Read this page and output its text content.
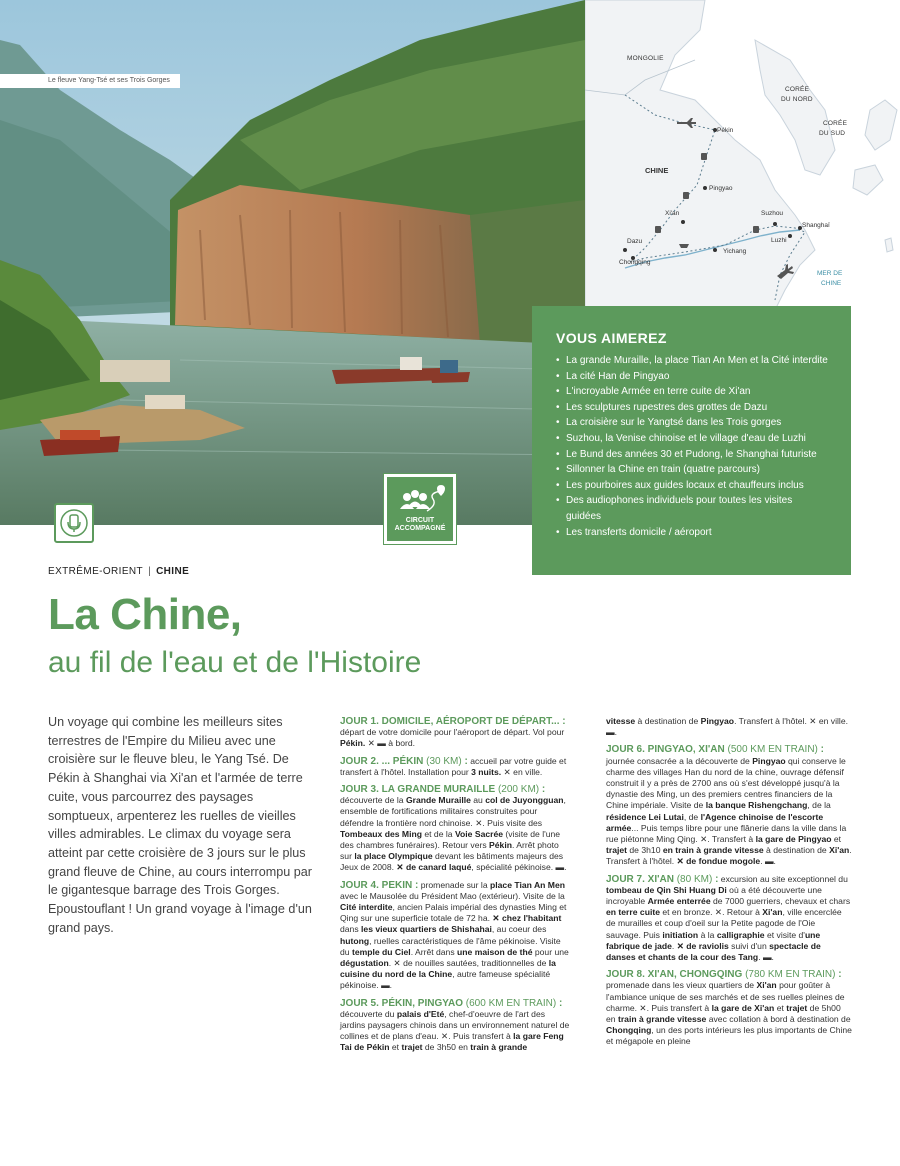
Le fleuve Yang-Tsé et ses Trois Gorges
CIRCUIT
ACCOMPAGNÉ
MONGOLIE
CORÉE
DU NORD
CORÉE
DU SUD
CHINE
Pékin
Pingyao
Xi'an	Suzhou
Shanghaï
Luzhi
Dazu
Chongqing
Yichang
MER DE
CHINE
VOUS AIMEREZ
• La grande Muraille, la place Tian An Men et la Cité interdite
• La cité Han de Pingyao
• L'incroyable Armée en terre cuite de Xi'an
• Les sculptures rupestres des grottes de Dazu
• La croisière sur le Yangtsé dans les Trois gorges
• Suzhou, la Venise chinoise et le village d'eau de Luzhi
• Le Bund des années 30 et Pudong, le Shanghai futuriste
• Sillonner la Chine en train (quatre parcours)
• Les pourboires aux guides locaux et chauffeurs inclus
• Des audiophones individuels pour toutes les visites guidées
• Les transferts domicile / aéroport
EXTRÊME-ORIENT | CHINE
La Chine,
au fil de l'eau et de l'Histoire

Un voyage qui combine les meilleurs sites terrestres de l'Empire du Milieu avec une croisière sur le fleuve bleu, le Yang Tsé. De Pékin à Shanghai via Xi'an et l'armée de terre cuite, vous parcourrez des paysages somptueux, arpenterez les ruelles de vieilles villes admirables. Le climax du voyage sera atteint par cette croisière de 3 jours sur le plus grand fleuve de Chine, au cours interrompu par le gigantesque barrage des Trois Gorges. Epoustouflant ! Un grand voyage à l'image d'un grand pays.

JOUR 1. DOMICILE, AÉROPORT DE DÉPART... : départ de votre domicile pour l'aéroport de départ. Vol pour Pékin. ✕ ▬ à bord.

JOUR 2. ... PÉKIN (30 KM) : accueil par votre guide et transfert à l'hôtel. Installation pour 3 nuits. ✕ en ville.

JOUR 3. LA GRANDE MURAILLE (200 KM) : découverte de la Grande Muraille au col de Juyongguan, ensemble de fortifications militaires construites pour défendre la frontière nord chinoise. ✕. Puis visite des Tombeaux des Ming et de la Voie Sacrée (visite de l'une des chambres funéraires). Retour vers Pékin. Arrêt photo sur la place Olympique devant les bâtiments majeurs des Jeux de 2008. ✕ de canard laqué, spécialité pékinoise. ▬.

JOUR 4. PEKIN : promenade sur la place Tian An Men avec le Mausolée du Président Mao (extérieur). Visite de la Cité interdite, ancien Palais impérial des dynasties Ming et Qing sur une superficie totale de 72 ha. ✕ chez l'habitant dans les vieux quartiers de Shishahai, au coeur des hutong, ruelles caractéristiques de l'âme pékinoise. Visite du temple du Ciel. Arrêt dans une maison de thé pour une dégustation. ✕ de nouilles sautées, traditionnelles de la cuisine du nord de la Chine, autre fameuse spécialité pékinoise. ▬.

JOUR 5. PÉKIN, PINGYAO (600 KM EN TRAIN) : découverte du palais d'Eté, chef-d'oeuvre de l'art des jardins paysagers chinois dans un environnement naturel de collines et de plans d'eau. ✕. Puis transfert à la gare Feng Tai de Pékin et trajet de 3h50 en train à grande

vitesse à destination de Pingyao. Transfert à l'hôtel. ✕ en ville. ▬.

JOUR 6. PINGYAO, XI'AN (500 KM EN TRAIN) : journée consacrée a la découverte de Pingyao qui conserve le charme des villages Han du nord de la chine, ouvrage défensif construit il y a près de 2700 ans où s'est développé jusqu'à la dynastie des Ming, un des premiers centres financiers de la Chine impériale. Visite de la banque Rishengchang, de la résidence Lei Lutai, de l'Agence chinoise de l'escorte armée... Puis temps libre pour une flânerie dans la ville dans la rue piétonne Ming Qing. ✕. Transfert à la gare de Pingyao et trajet de 3h10 en train à grande vitesse à destination de Xi'an. Transfert à l'hôtel. ✕ de fondue mogole. ▬.

JOUR 7. XI'AN (80 KM) : excursion au site exceptionnel du tombeau de Qin Shi Huang Di où a été découverte une incroyable Armée enterrée de 7000 guerriers, chevaux et chars en terre cuite et en bronze. ✕. Retour à Xi'an, ville encerclée de murailles et coup d'oeil sur la Petite pagode de l'Oie sauvage. Puis initiation à la calligraphie et visite d'une fabrique de jade. ✕ de raviolis suivi d'un spectacle de danses et chants de la cour des Tang. ▬.

JOUR 8. XI'AN, CHONGQING (780 KM EN TRAIN) : promenade dans les vieux quartiers de Xi'an pour goûter à l'ambiance unique de ses marchés et de ses ruelles pleines de charme. ✕. Puis transfert à la gare de Xi'an et trajet de 5h00 en train à grande vitesse avec collation à bord à destination de Chongqing, un des ports intérieurs les plus importants de Chine et mégapole en pleine
